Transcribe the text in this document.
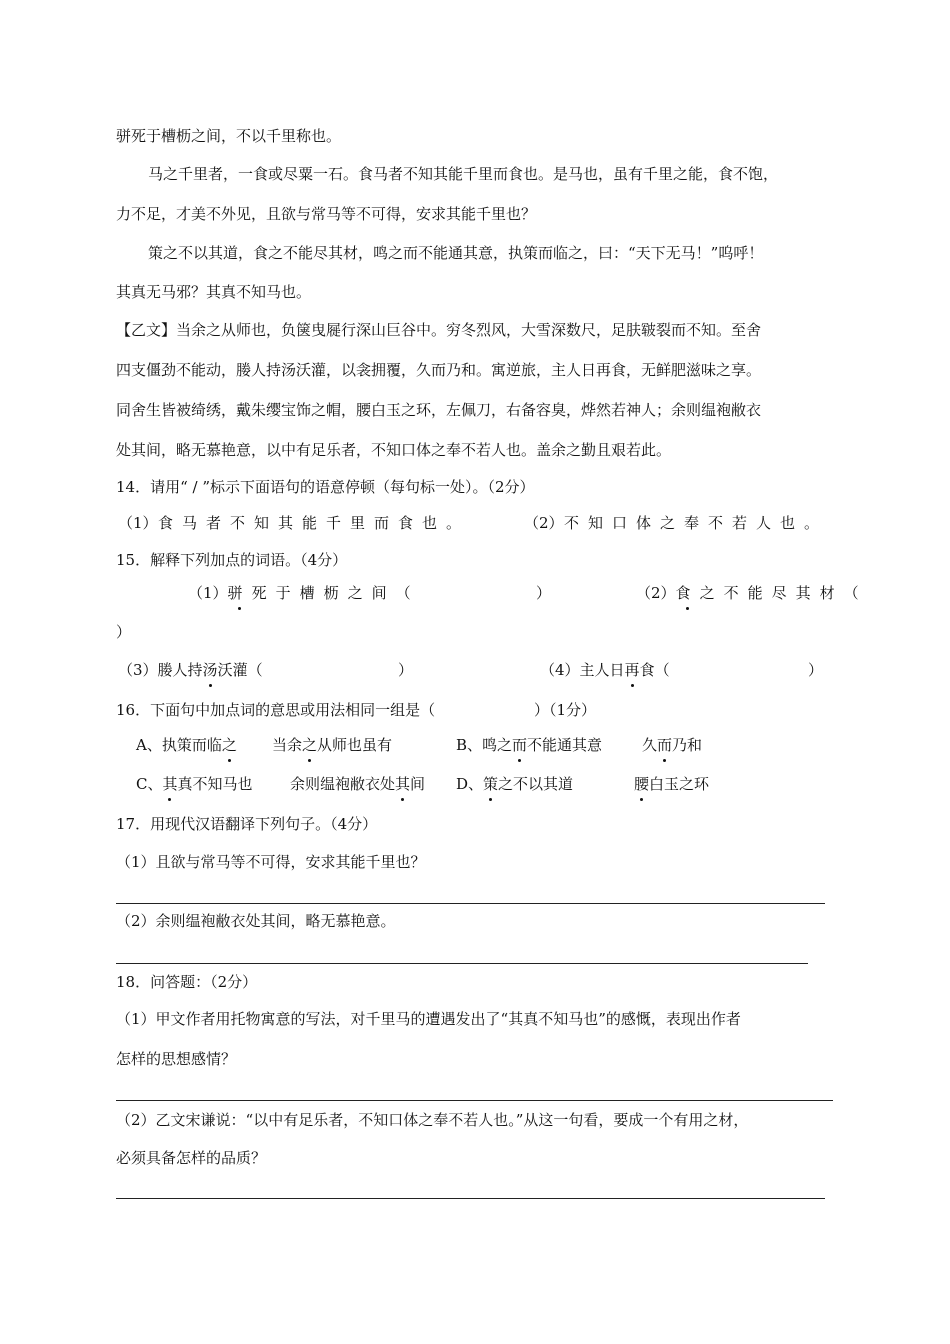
骈死于槽枥之间，不以千里称也。
马之千里者，一食或尽粟一石。食马者不知其能千里而食也。是马也，虽有千里之能，食不饱，
力不足，才美不外见，且欲与常马等不可得，安求其能千里也？
策之不以其道，食之不能尽其材，鸣之而不能通其意，执策而临之，曰：“天下无马！”呜呼！
其真无马邪？其真不知马也。
【乙文】当余之从师也，负箧曳屣行深山巨谷中。穷冬烈风，大雪深数尺，足肤皲裂而不知。至舍
四支僵劲不能动，媵人持汤沃灌，以衾拥覆，久而乃和。寓逆旅，主人日再食，无鲜肥滋味之享。
同舍生皆被绮绣，戴朱缨宝饰之帽，腰白玉之环，左佩刀，右备容臭，烨然若神人；余则缊袍敝衣
处其间，略无慕艳意，以中有足乐者，不知口体之奉不若人也。盖余之勤且艰若此。
14．请用“ / ”标示下面语句的语意停顿（每句标一处）。（2分）
（1） 食马者不知其能千里而食也。	（2） 不知口体之奉不若人也。
15．解释下列加点的词语。（4分）
（1）骈死于槽枥之间（	）	（2）食之不能尽其材（
）
（3）媵人持汤沃灌（	）	（4）主人日再食（	）
16．下面句中加点词的意思或用法相同一组是（	）（1分）
A、执策而临之 当余之从师也虽有	B、鸣之而不能通其意	久而乃和
C、其真不知马也 余则缊袍敝衣处其间 D、策之不以其道	腰白玉之环
17．用现代汉语翻译下列句子。（4分）
（1）且欲与常马等不可得，安求其能千里也？
（2）余则缊袍敝衣处其间，略无慕艳意。
18．问答题：（2分）
（1）甲文作者用托物寓意的写法，对千里马的遭遇发出了“其真不知马也”的感慨，表现出作者
怎样的思想感情？
（2）乙文宋谦说：“以中有足乐者，不知口体之奉不若人也。”从这一句看，要成一个有用之材，
必须具备怎样的品质？
